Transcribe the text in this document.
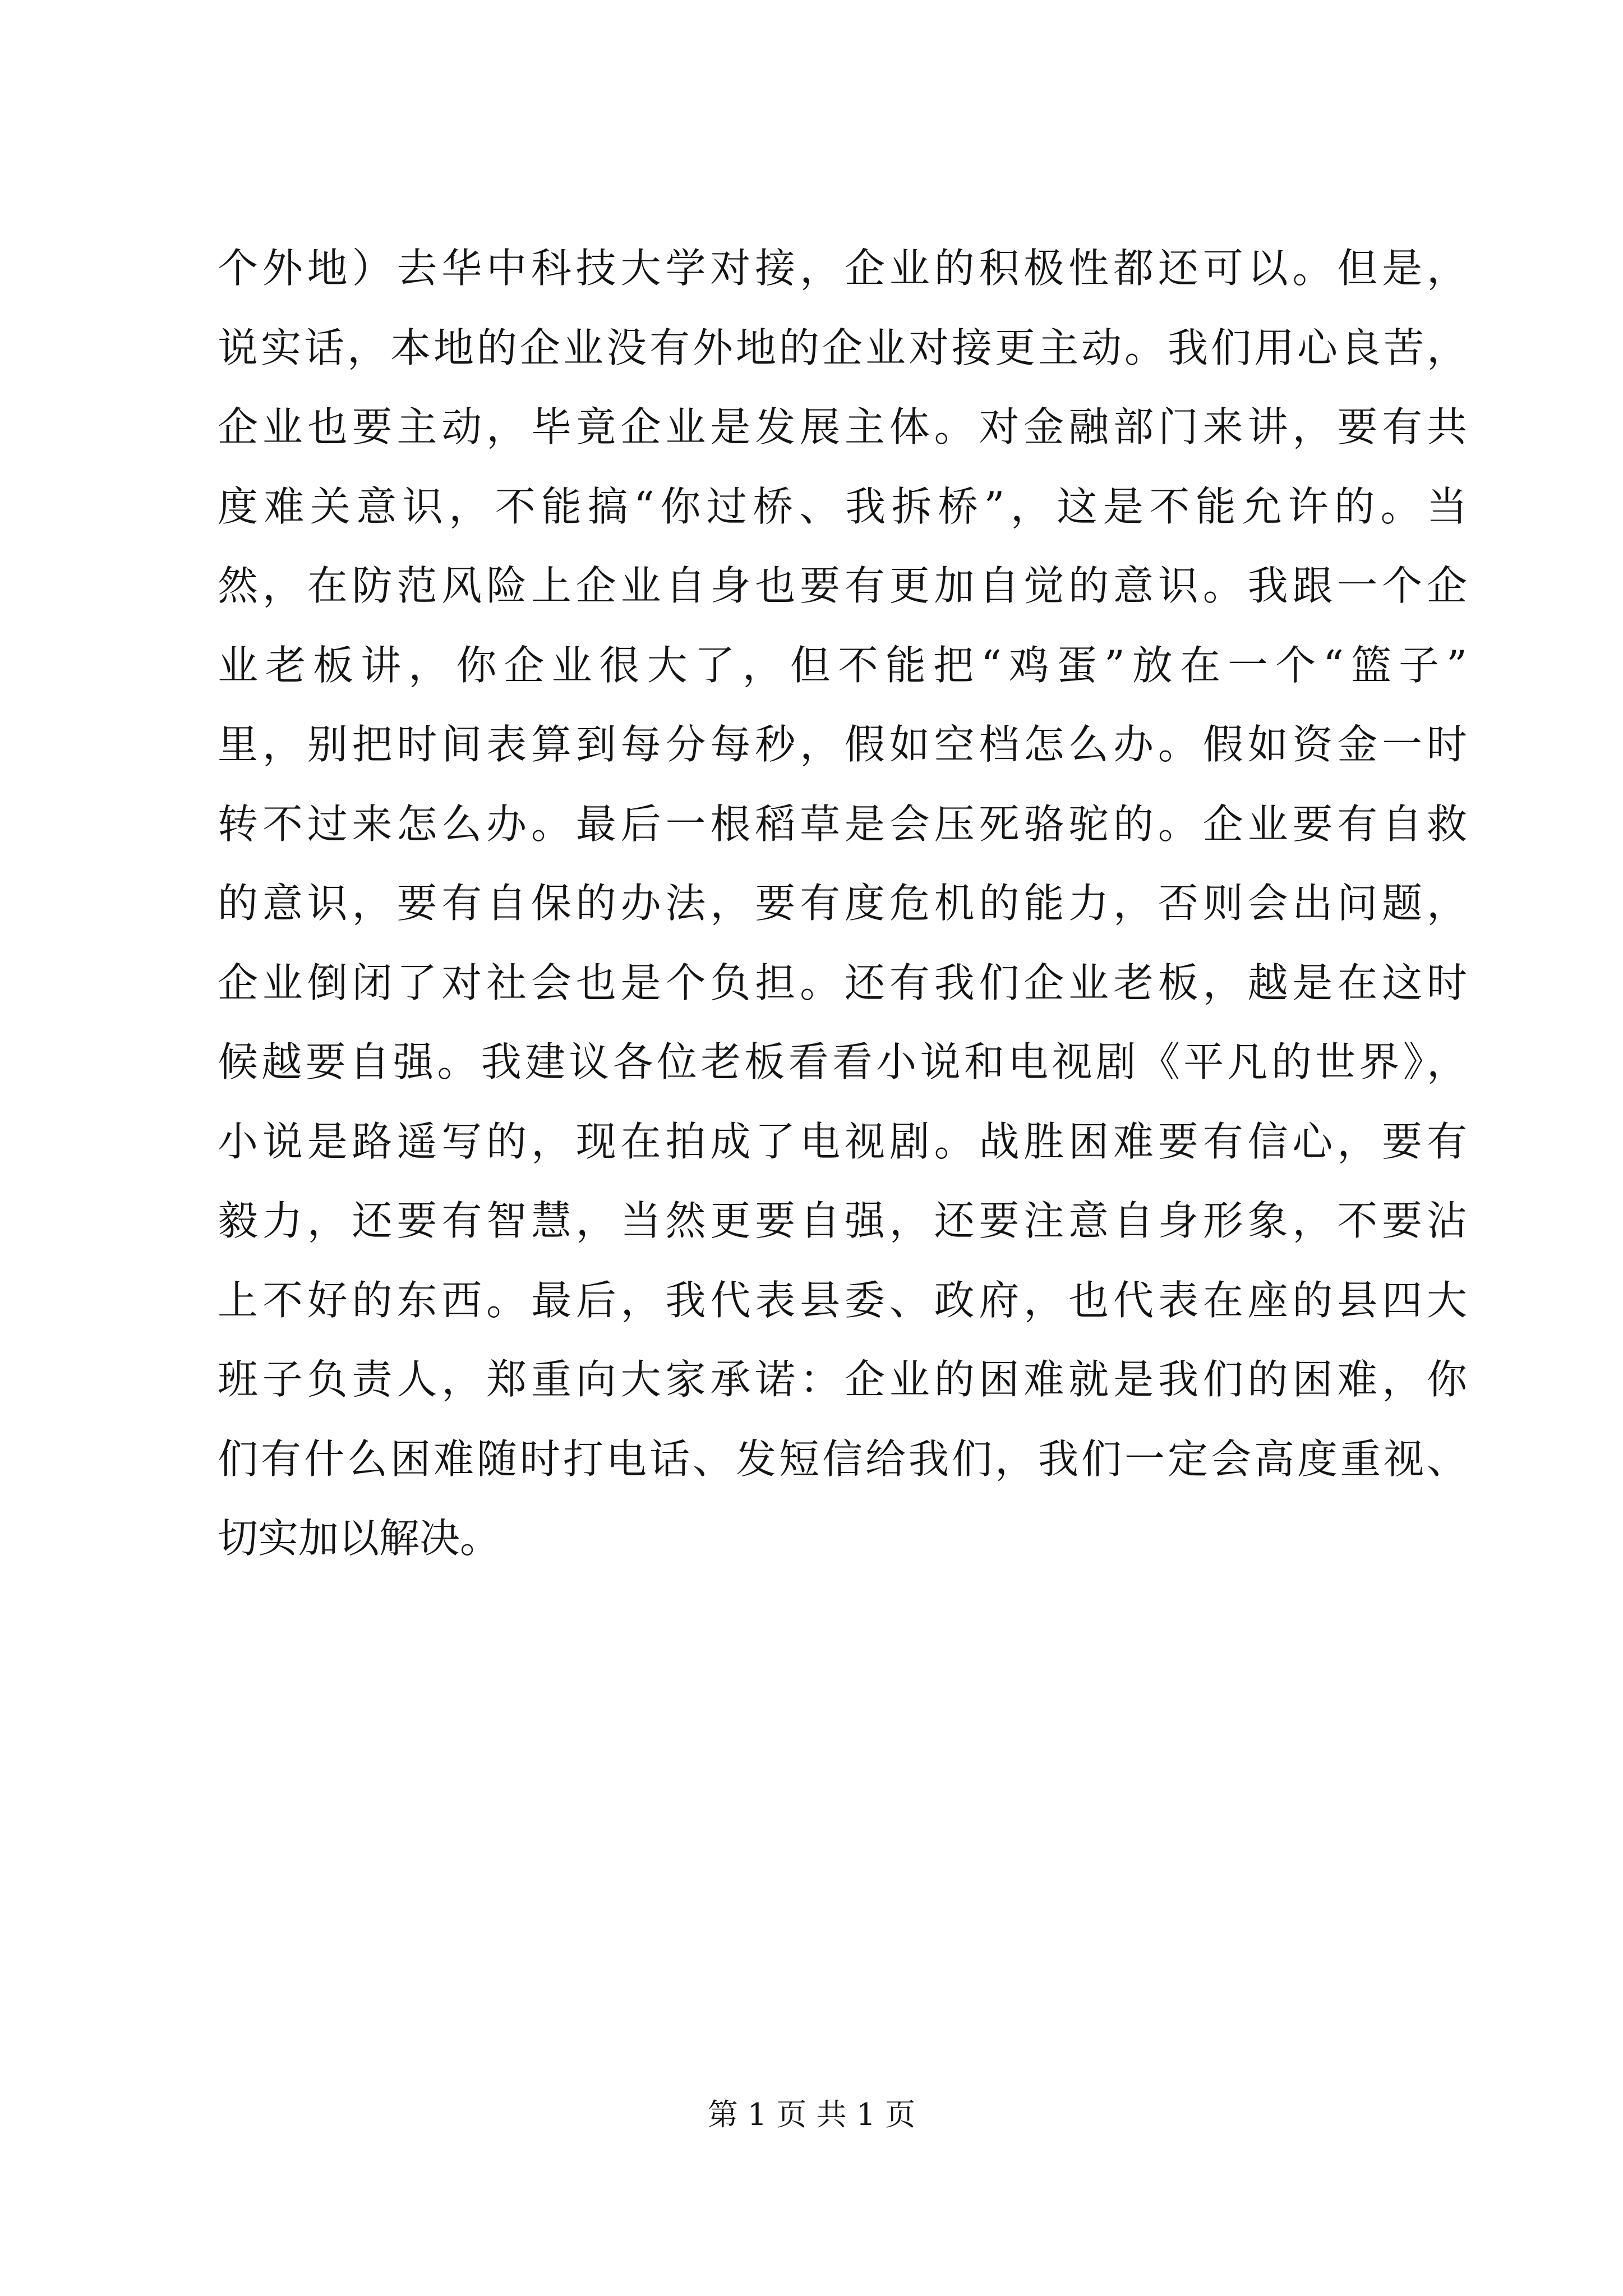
个外地）去华中科技大学对接，企业的积极性都还可以。但是，
说实话，本地的企业没有外地的企业对接更主动。我们用心良苦，
企业也要主动，毕竟企业是发展主体。对金融部门来讲，要有共
度难关意识，不能搞“你过桥、我拆桥”，这是不能允许的。当
然，在防范风险上企业自身也要有更加自觉的意识。我跟一个企
业老板讲，你企业很大了，但不能把“鸡蛋”放在一个“篮子”
里，别把时间表算到每分每秒，假如空档怎么办。假如资金一时
转不过来怎么办。最后一根稻草是会压死骆驼的。企业要有自救
的意识，要有自保的办法，要有度危机的能力，否则会出问题，
企业倒闭了对社会也是个负担。还有我们企业老板，越是在这时
候越要自强。我建议各位老板看看小说和电视剧《平凡的世界》，
小说是路遥写的，现在拍成了电视剧。战胜困难要有信心，要有
毅力，还要有智慧，当然更要自强，还要注意自身形象，不要沾
上不好的东西。最后，我代表县委、政府，也代表在座的县四大
班子负责人，郑重向大家承诺：企业的困难就是我们的困难，你
们有什么困难随时打电话、发短信给我们，我们一定会高度重视、
切实加以解决。
第 1 页 共 1 页
